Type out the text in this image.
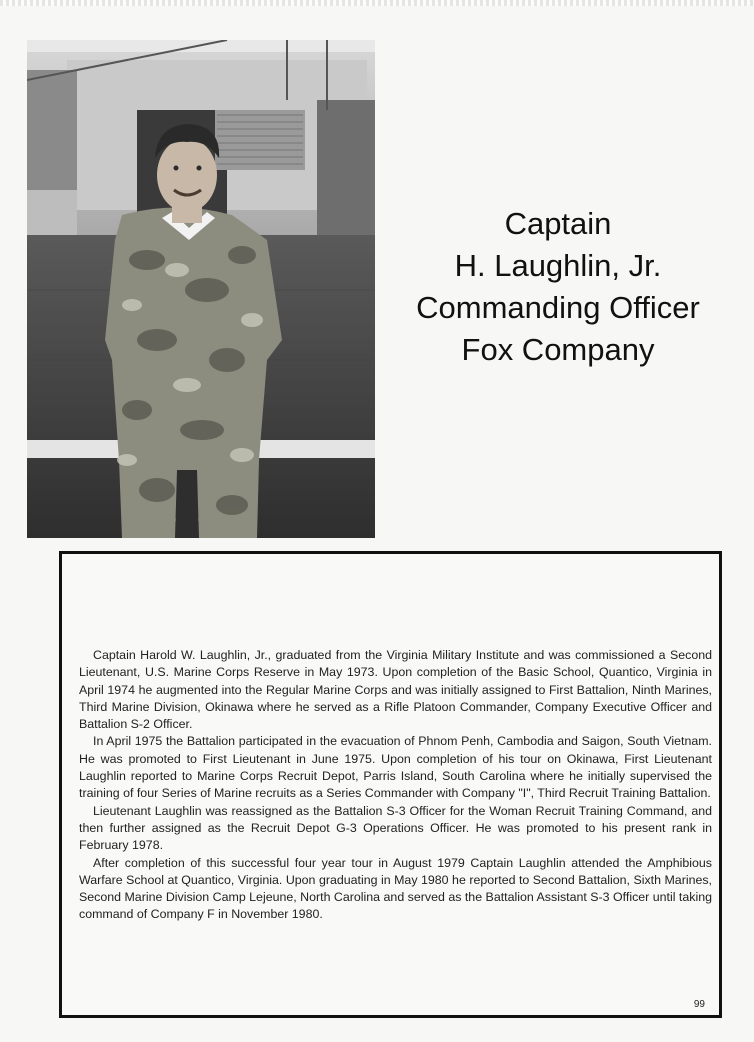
Captain
H. Laughlin, Jr.
Commanding Officer
Fox Company

Captain Harold W. Laughlin, Jr., graduated from the Virginia Military Institute and was commissioned a Second Lieutenant, U.S. Marine Corps Reserve in May 1973. Upon completion of the Basic School, Quantico, Virginia in April 1974 he augmented into the Regular Marine Corps and was initially assigned to First Battalion, Ninth Marines, Third Marine Division, Okinawa where he served as a Rifle Platoon Commander, Company Executive Officer and Battalion S-2 Officer.

In April 1975 the Battalion participated in the evacuation of Phnom Penh, Cambodia and Saigon, South Vietnam. He was promoted to First Lieutenant in June 1975. Upon completion of his tour on Okinawa, First Lieutenant Laughlin reported to Marine Corps Recruit Depot, Parris Island, South Carolina where he initially supervised the training of four Series of Marine recruits as a Series Commander with Company "I", Third Recruit Training Battalion.

Lieutenant Laughlin was reassigned as the Battalion S-3 Officer for the Woman Recruit Training Command, and then further assigned as the Recruit Depot G-3 Operations Officer. He was promoted to his present rank in February 1978.

After completion of this successful four year tour in August 1979 Captain Laughlin attended the Amphibious Warfare School at Quantico, Virginia. Upon graduating in May 1980 he reported to Second Battalion, Sixth Marines, Second Marine Division Camp Lejeune, North Carolina and served as the Battalion Assistant S-3 Officer until taking command of Company F in November 1980.

99
